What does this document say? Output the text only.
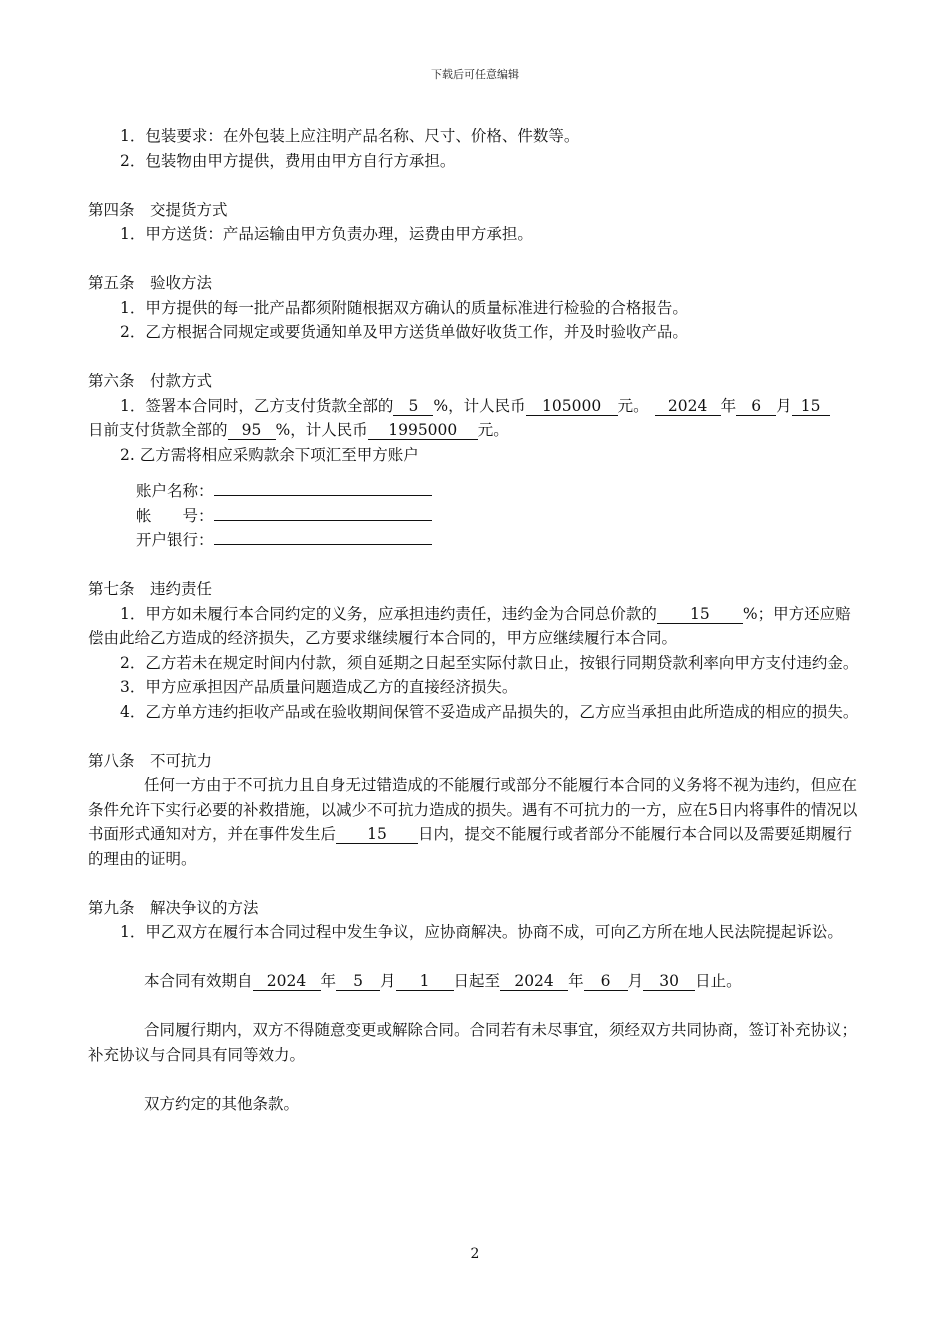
下载后可任意编辑

1．包装要求：在外包装上应注明产品名称、尺寸、价格、件数等。

2．包装物由甲方提供，费用由甲方自行方承担。

第四条　交提货方式

1．甲方送货：产品运输由甲方负责办理，运费由甲方承担。

第五条　验收方法

1．甲方提供的每一批产品都须附随根据双方确认的质量标准进行检验的合格报告。

2．乙方根据合同规定或要货通知单及甲方送货单做好收货工作，并及时验收产品。

第六条　付款方式

1．签署本合同时，乙方支付货款全部的 5 %，计人民币 105000 元。 2024 年 6 月 15

日前支付货款全部的 95 %，计人民币 1995000 元。

2. 乙方需将相应采购款余下项汇至甲方账户

账户名称：

帐　　号：

开户银行：

第七条　违约责任

1．甲方如未履行本合同约定的义务，应承担违约责任，违约金为合同总价款的 15 %；甲方还应赔偿由此给乙方造成的经济损失，乙方要求继续履行本合同的，甲方应继续履行本合同。

2．乙方若未在规定时间内付款，须自延期之日起至实际付款日止，按银行同期贷款利率向甲方支付违约金。

3．甲方应承担因产品质量问题造成乙方的直接经济损失。

4．乙方单方违约拒收产品或在验收期间保管不妥造成产品损失的，乙方应当承担由此所造成的相应的损失。

第八条　不可抗力

任何一方由于不可抗力且自身无过错造成的不能履行或部分不能履行本合同的义务将不视为违约，但应在条件允许下实行必要的补救措施，以减少不可抗力造成的损失。遇有不可抗力的一方，应在5日内将事件的情况以书面形式通知对方，并在事件发生后 15 日内，提交不能履行或者部分不能履行本合同以及需要延期履行的理由的证明。

第九条　解决争议的方法

1．甲乙双方在履行本合同过程中发生争议，应协商解决。协商不成，可向乙方所在地人民法院提起诉讼。

本合同有效期自 2024 年 5 月 1 日起至 2024 年 6 月 30 日止。

合同履行期内，双方不得随意变更或解除合同。合同若有未尽事宜，须经双方共同协商，签订补充协议；补充协议与合同具有同等效力。

双方约定的其他条款。

2
